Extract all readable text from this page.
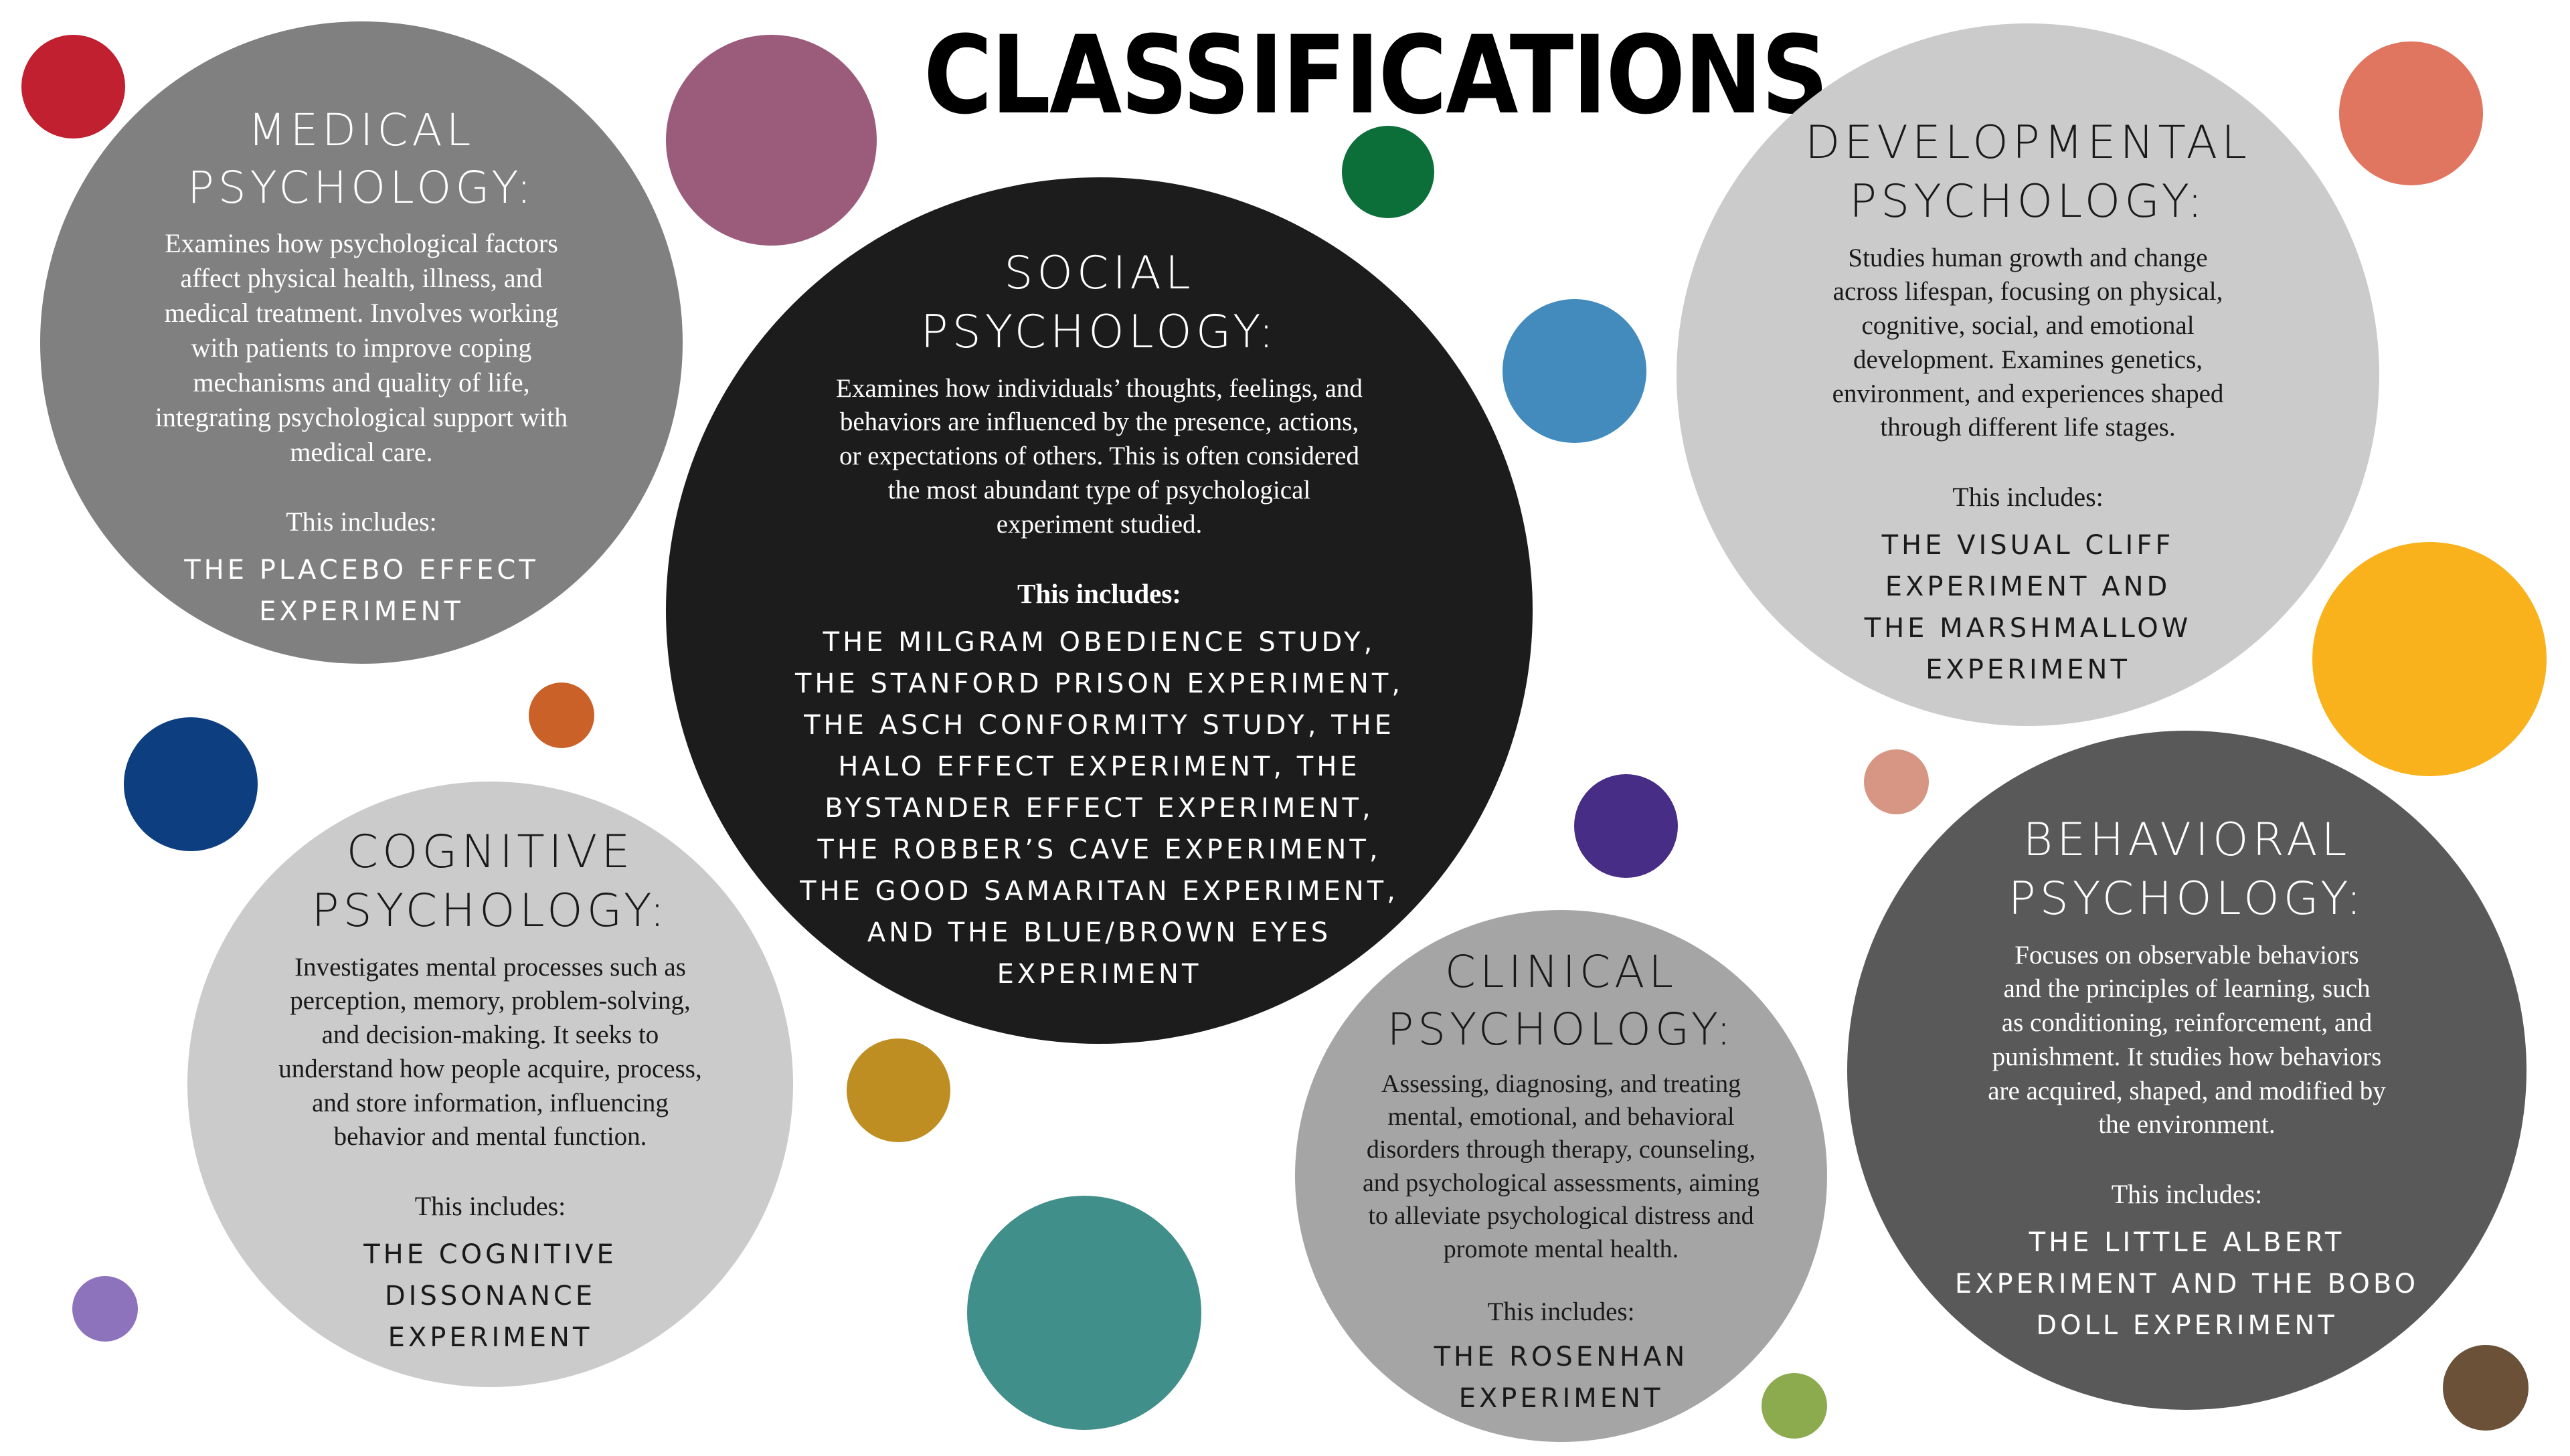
CLASSIFICATIONS
MEDICAL
PSYCHOLOGY:
Examines how psychological factors
affect physical health, illness, and
medical treatment. Involves working
with patients to improve coping
mechanisms and quality of life,
integrating psychological support with
medical care.
This includes:
THE PLACEBO EFFECT
EXPERIMENT
SOCIAL
PSYCHOLOGY:
Examines how individuals’ thoughts, feelings, and
behaviors are influenced by the presence, actions,
or expectations of others. This is often considered
the most abundant type of psychological
experiment studied.
This includes:
THE MILGRAM OBEDIENCE STUDY,
THE STANFORD PRISON EXPERIMENT,
THE ASCH CONFORMITY STUDY, THE
HALO EFFECT EXPERIMENT, THE
BYSTANDER EFFECT EXPERIMENT,
THE ROBBER’S CAVE EXPERIMENT,
THE GOOD SAMARITAN EXPERIMENT,
AND THE BLUE/BROWN EYES
EXPERIMENT
DEVELOPMENTAL
PSYCHOLOGY:
Studies human growth and change
across lifespan, focusing on physical,
cognitive, social, and emotional
development. Examines genetics,
environment, and experiences shaped
through different life stages.
This includes:
THE VISUAL CLIFF
EXPERIMENT AND
THE MARSHMALLOW
EXPERIMENT
COGNITIVE
PSYCHOLOGY:
Investigates mental processes such as
perception, memory, problem-solving,
and decision-making. It seeks to
understand how people acquire, process,
and store information, influencing
behavior and mental function.
This includes:
THE COGNITIVE
DISSONANCE
EXPERIMENT
CLINICAL
PSYCHOLOGY:
Assessing, diagnosing, and treating
mental, emotional, and behavioral
disorders through therapy, counseling,
and psychological assessments, aiming
to alleviate psychological distress and
promote mental health.
This includes:
THE ROSENHAN
EXPERIMENT
BEHAVIORAL
PSYCHOLOGY:
Focuses on observable behaviors
and the principles of learning, such
as conditioning, reinforcement, and
punishment. It studies how behaviors
are acquired, shaped, and modified by
the environment.
This includes:
THE LITTLE ALBERT
EXPERIMENT AND THE BOBO
DOLL EXPERIMENT
